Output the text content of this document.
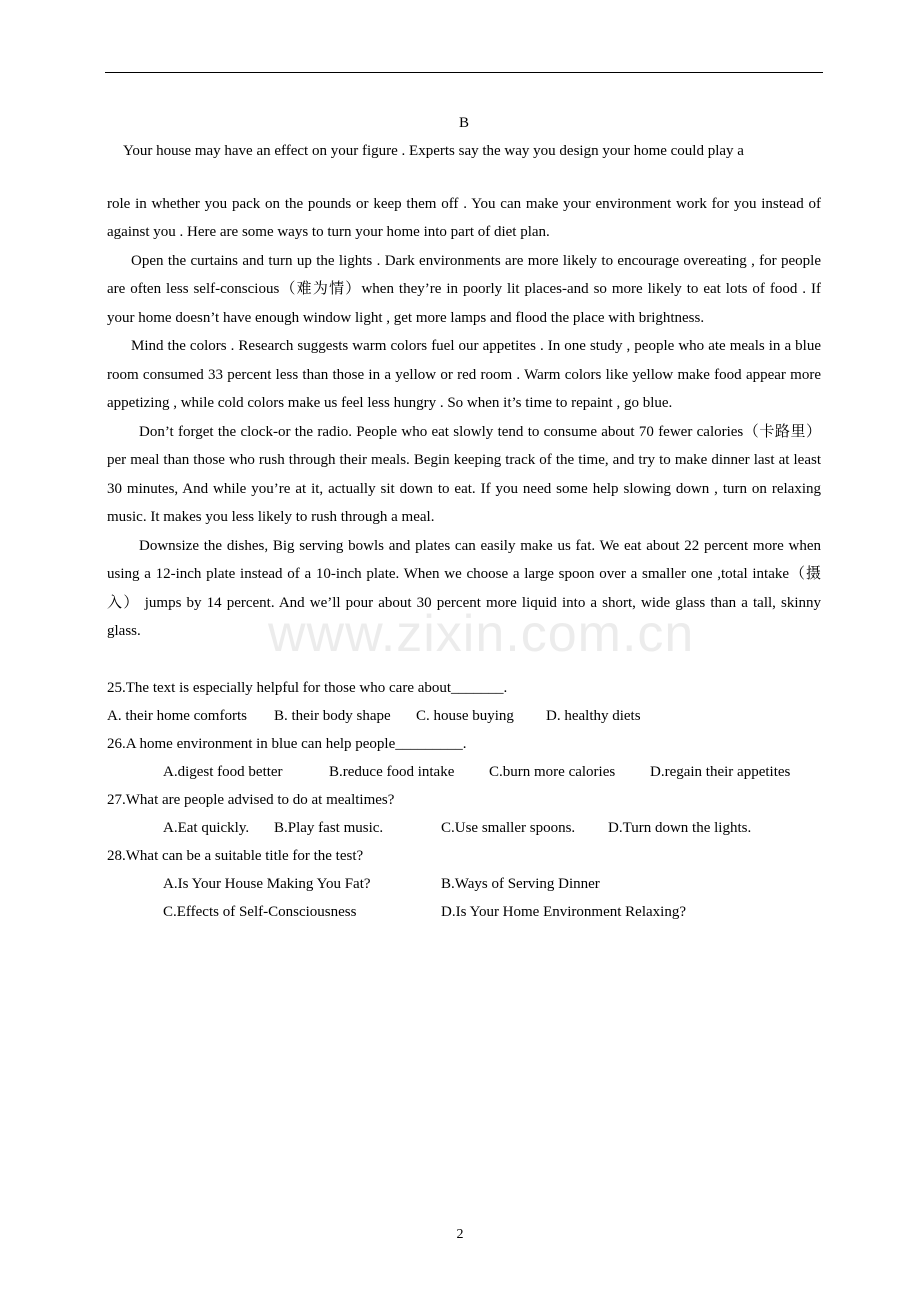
www.zixin.com.cn

B

Your house may have an effect on your figure . Experts say the way you design your home could play a

role in whether you pack on the pounds or keep them off . You can make your environment work for you instead of against you . Here are some ways to turn your home into part of diet plan.

Open the curtains and turn up the lights . Dark environments are more likely to encourage overeating , for people are often less self-conscious（难为情）when they’re in poorly lit places-and so more likely to eat lots of food . If your home doesn’t have enough window light , get more lamps and flood the place with brightness.

Mind the colors . Research suggests warm colors fuel our appetites . In one study , people who ate meals in a blue room consumed 33 percent less than those in a yellow or red room . Warm colors like yellow make food appear more appetizing , while cold colors make us feel less hungry . So when it’s time to repaint , go blue.

Don’t forget the clock-or the radio. People who eat slowly tend to consume about 70 fewer calories（卡路里） per meal than those who rush through their meals. Begin keeping track of the time, and try to make dinner last at least 30 minutes, And while you’re at it, actually sit down to eat. If you need some help slowing down , turn on relaxing music. It makes you less likely to rush through a meal.

Downsize the dishes, Big serving bowls and plates can easily make us fat. We eat about 22 percent more when using a 12-inch plate instead of a 10-inch plate. When we choose a large spoon over a smaller one ,total intake（摄入） jumps by 14 percent. And we’ll pour about 30 percent more liquid into a short, wide glass than a tall, skinny glass.

25.The text is especially helpful for those who care about_______.

A. their home comforts B. their body shape C. house buying D. healthy diets

26.A home environment in blue can help people_________.

A.digest food better	B.reduce food intake C.burn more calories D.regain their appetites

27.What are people advised to do at mealtimes?

A.Eat quickly. B.Play fast music.	C.Use smaller spoons. D.Turn down the lights.

28.What can be a suitable title for the test?

A.Is Your House Making You Fat?	B.Ways of Serving Dinner

C.Effects of Self-Consciousness	D.Is Your Home Environment Relaxing?

2
